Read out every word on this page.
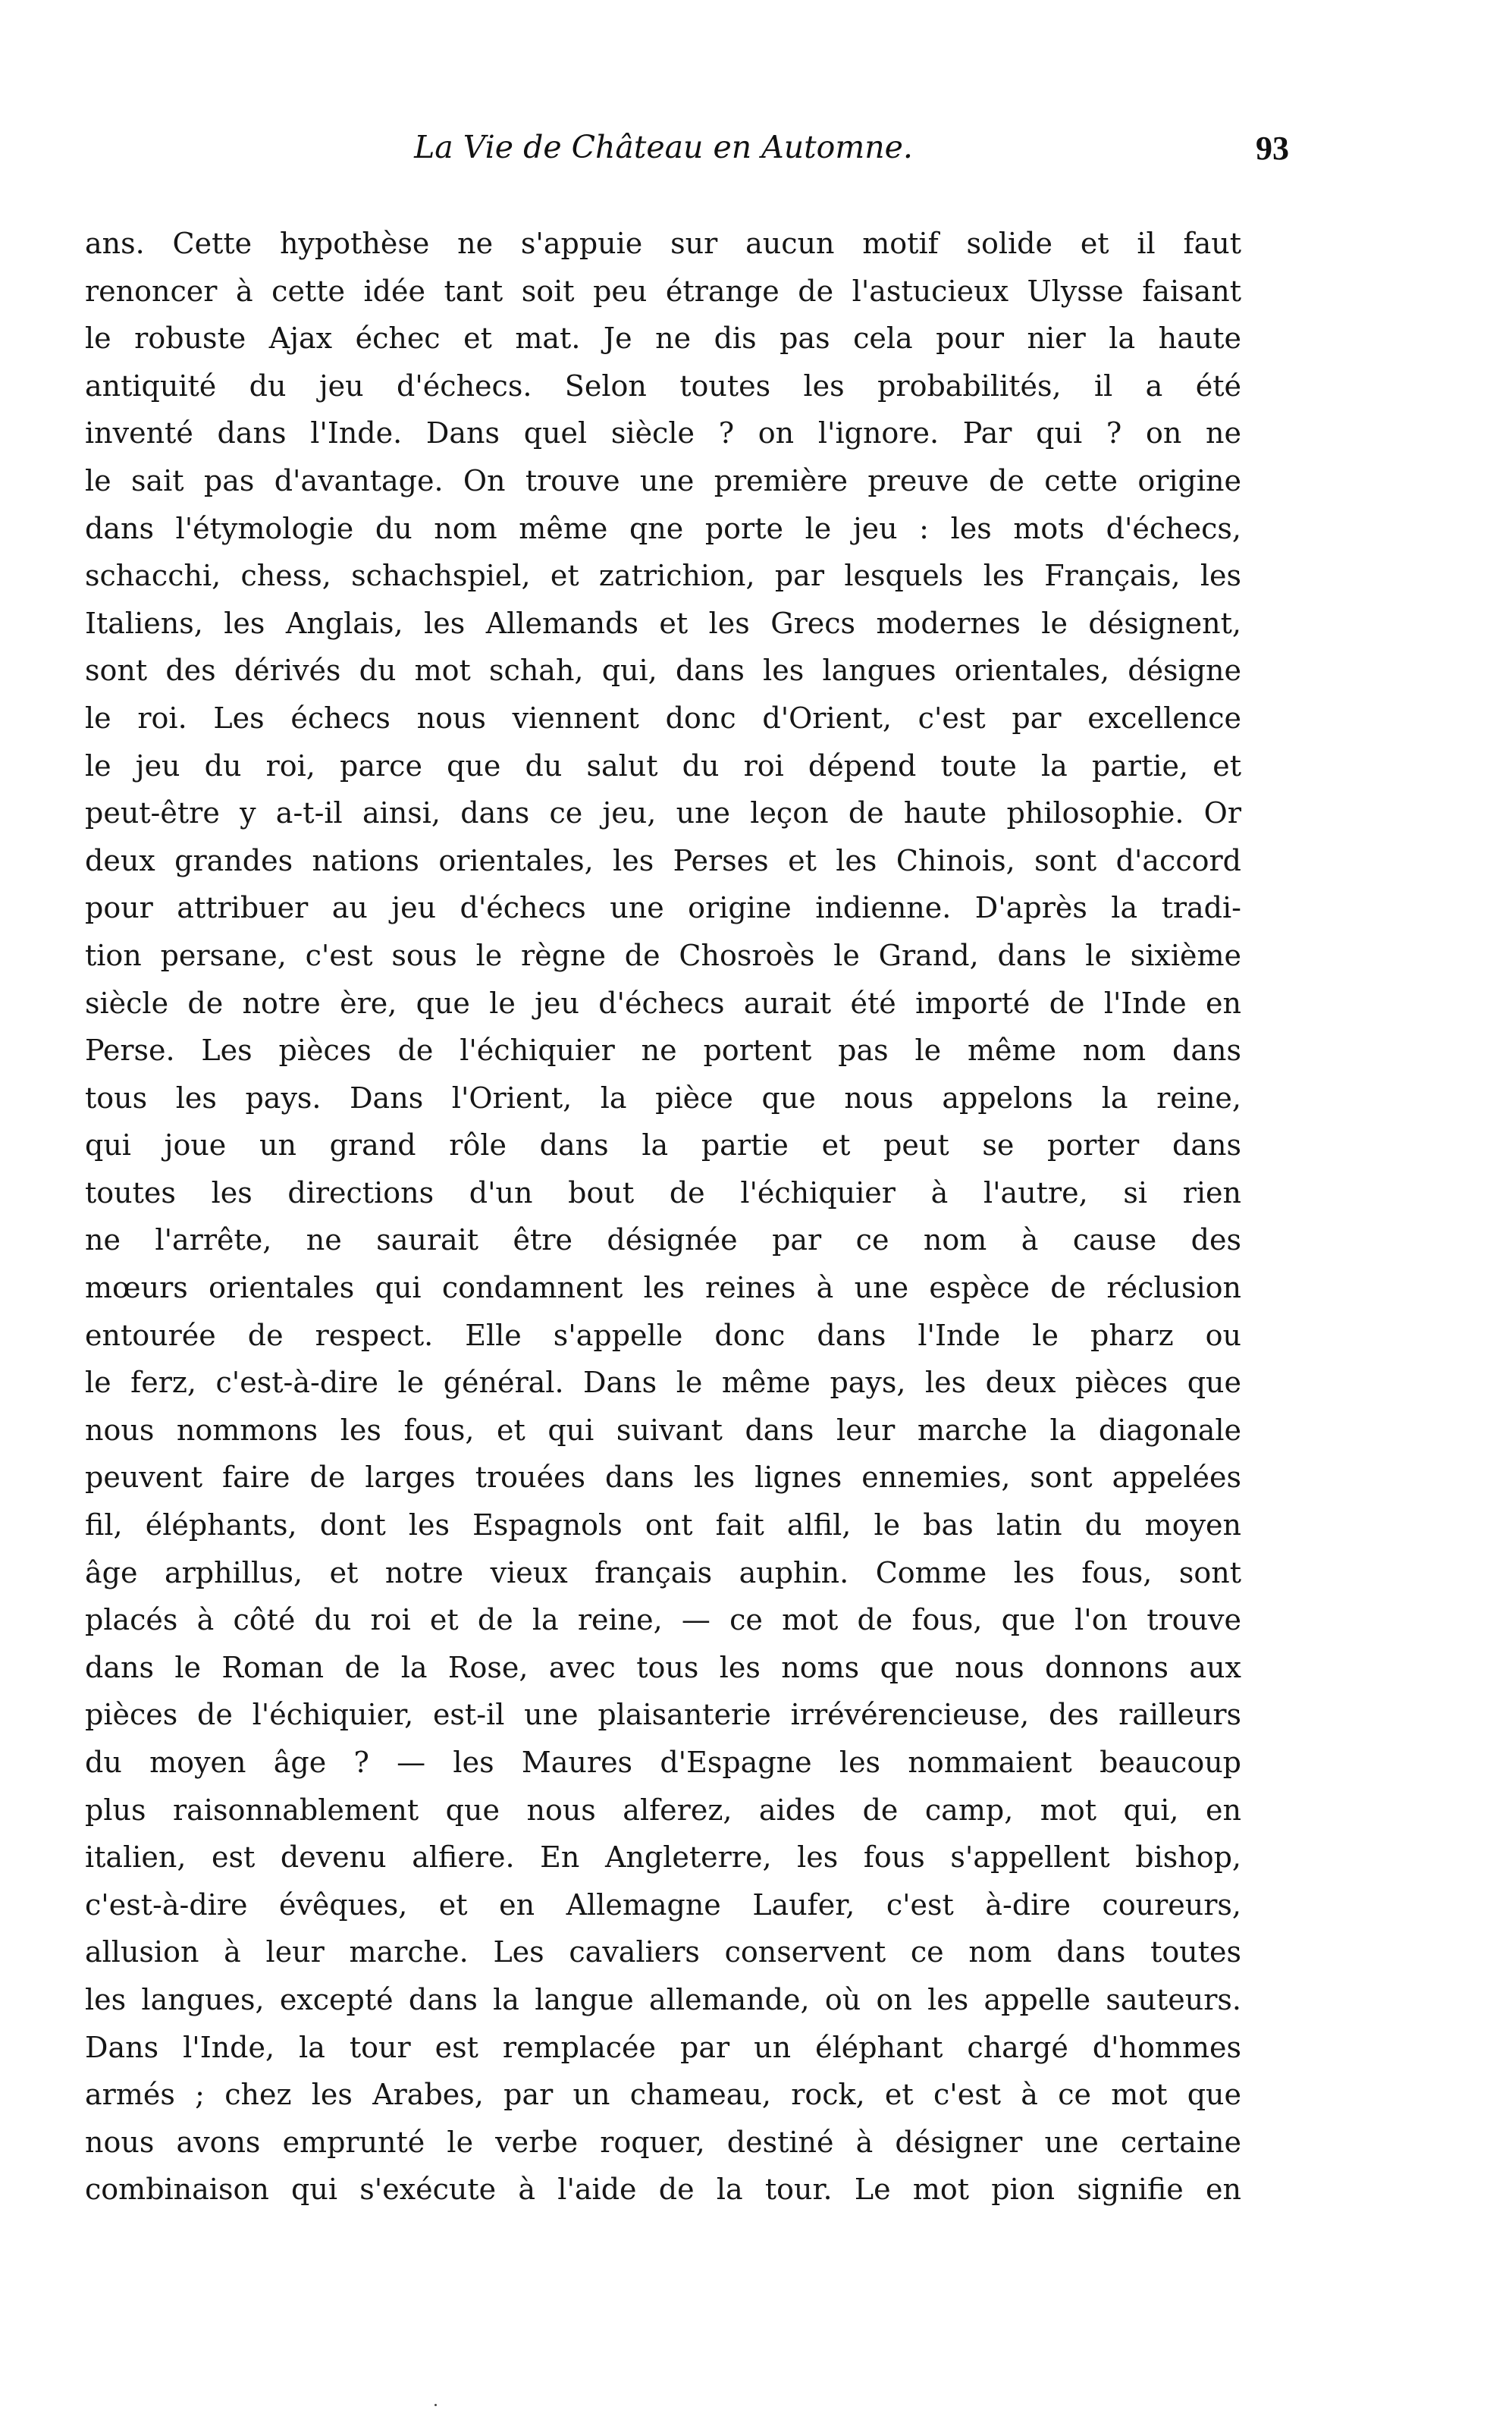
La Vie de Château en Automne.	93
ans. Cette hypothèse ne s'appuie sur aucun motif solide et il faut
renoncer à cette idée tant soit peu étrange de l'astucieux Ulysse faisant
le robuste Ajax échec et mat. Je ne dis pas cela pour nier la haute
antiquité du jeu d'échecs. Selon toutes les probabilités, il a été
inventé dans l'Inde. Dans quel siècle ? on l'ignore. Par qui ? on ne
le sait pas d'avantage. On trouve une première preuve de cette origine
dans l'étymologie du nom même qne porte le jeu : les mots d'échecs,
schacchi, chess, schachspiel, et zatrichion, par lesquels les Français, les
Italiens, les Anglais, les Allemands et les Grecs modernes le désignent,
sont des dérivés du mot schah, qui, dans les langues orientales, désigne
le roi. Les échecs nous viennent donc d'Orient, c'est par excellence
le jeu du roi, parce que du salut du roi dépend toute la partie, et
peut-être y a-t-il ainsi, dans ce jeu, une leçon de haute philosophie. Or
deux grandes nations orientales, les Perses et les Chinois, sont d'accord
pour attribuer au jeu d'échecs une origine indienne. D'après la tradi-
tion persane, c'est sous le règne de Chosroès le Grand, dans le sixième
siècle de notre ère, que le jeu d'échecs aurait été importé de l'Inde en
Perse. Les pièces de l'échiquier ne portent pas le même nom dans
tous les pays. Dans l'Orient, la pièce que nous appelons la reine,
qui joue un grand rôle dans la partie et peut se porter dans
toutes les directions d'un bout de l'échiquier à l'autre, si rien
ne l'arrête, ne saurait être désignée par ce nom à cause des
mœurs orientales qui condamnent les reines à une espèce de réclusion
entourée de respect. Elle s'appelle donc dans l'Inde le pharz ou
le ferz, c'est-à-dire le général. Dans le même pays, les deux pièces que
nous nommons les fous, et qui suivant dans leur marche la diagonale
peuvent faire de larges trouées dans les lignes ennemies, sont appelées
fil, éléphants, dont les Espagnols ont fait alfil, le bas latin du moyen
âge arphillus, et notre vieux français auphin. Comme les fous, sont
placés à côté du roi et de la reine, — ce mot de fous, que l'on trouve
dans le Roman de la Rose, avec tous les noms que nous donnons aux
pièces de l'échiquier, est-il une plaisanterie irrévérencieuse, des railleurs
du moyen âge ? — les Maures d'Espagne les nommaient beaucoup
plus raisonnablement que nous alferez, aides de camp, mot qui, en
italien, est devenu alfiere. En Angleterre, les fous s'appellent bishop,
c'est-à-dire évêques, et en Allemagne Laufer, c'est à-dire coureurs,
allusion à leur marche. Les cavaliers conservent ce nom dans toutes
les langues, excepté dans la langue allemande, où on les appelle sauteurs.
Dans l'Inde, la tour est remplacée par un éléphant chargé d'hommes
armés ; chez les Arabes, par un chameau, rock, et c'est à ce mot que
nous avons emprunté le verbe roquer, destiné à désigner une certaine
combinaison qui s'exécute à l'aide de la tour. Le mot pion signifie en
